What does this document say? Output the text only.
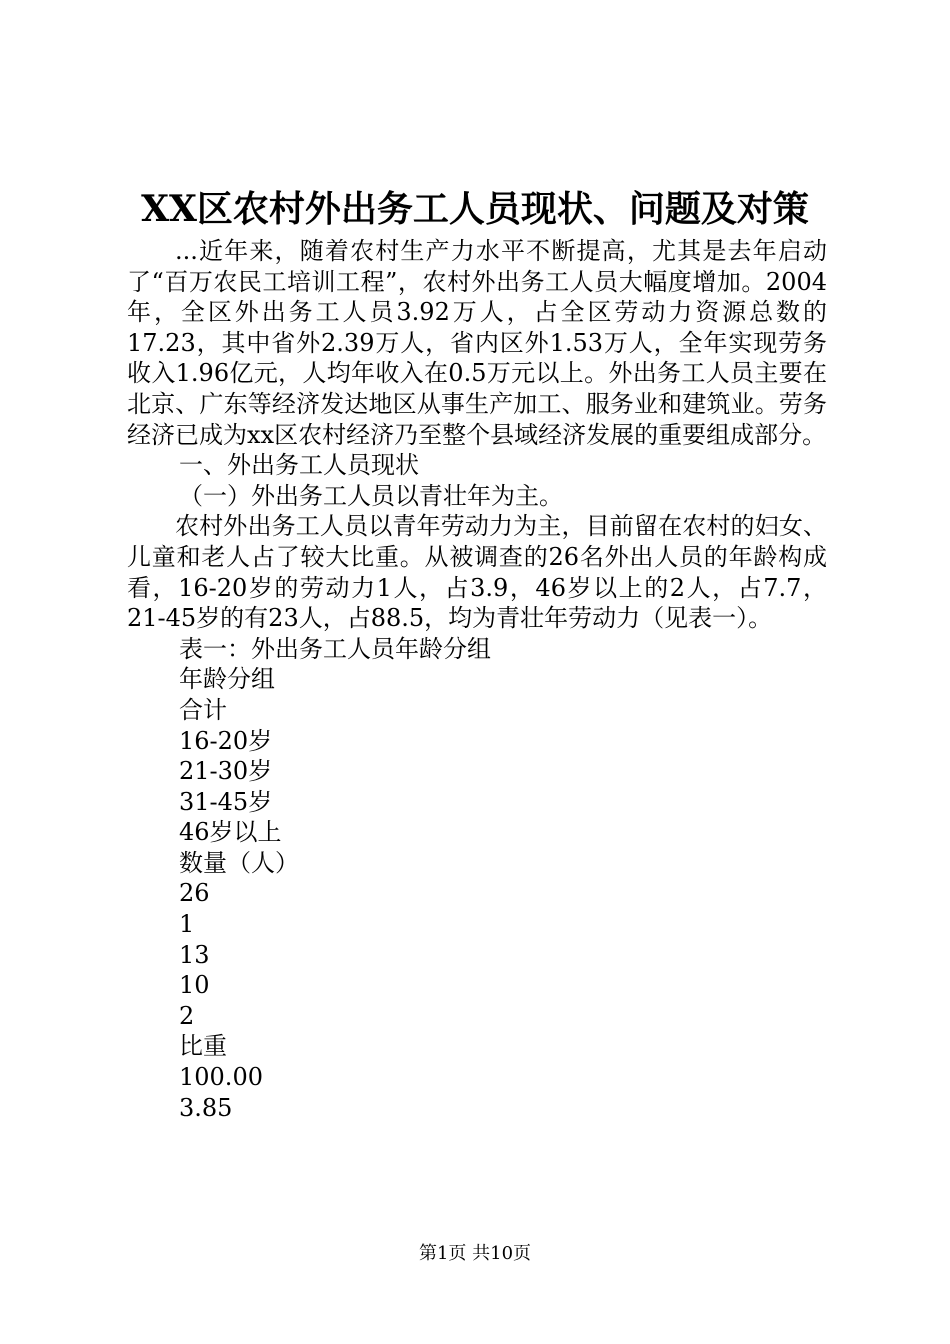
XX区农村外出务工人员现状、问题及对策

...近年来，随着农村生产力水平不断提高，尤其是去年启动了“百万农民工培训工程”，农村外出务工人员大幅度增加。2004年，全区外出务工人员3.92万人，占全区劳动力资源总数的17.23，其中省外2.39万人，省内区外1.53万人，全年实现劳务收入1.96亿元，人均年收入在0.5万元以上。外出务工人员主要在北京、广东等经济发达地区从事生产加工、服务业和建筑业。劳务经济已成为xx区农村经济乃至整个县域经济发展的重要组成部分。

一、外出务工人员现状

（一）外出务工人员以青壮年为主。

农村外出务工人员以青年劳动力为主，目前留在农村的妇女、儿童和老人占了较大比重。从被调查的26名外出人员的年龄构成看，16-20岁的劳动力1人，占3.9，46岁以上的2人，占7.7，21-45岁的有23人，占88.5，均为青壮年劳动力（见表一）。

表一：外出务工人员年龄分组

年龄分组

合计

16-20岁

21-30岁

31-45岁

46岁以上

数量（人）

26

1

13

10

2

比重

100.00

3.85

第1页 共10页
